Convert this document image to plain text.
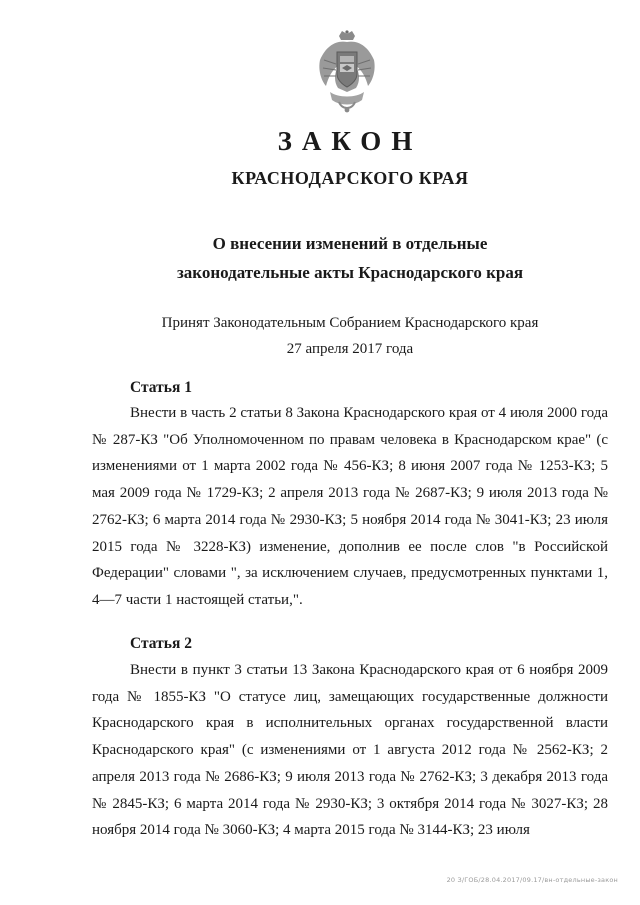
ЗАКОН
КРАСНОДАРСКОГО КРАЯ
О внесении изменений в отдельные законодательные акты Краснодарского края
Принят Законодательным Собранием Краснодарского края
27 апреля 2017 года
Статья 1

Внести в часть 2 статьи 8 Закона Краснодарского края от 4 июля 2000 года № 287-КЗ "Об Уполномоченном по правам человека в Краснодарском крае" (с изменениями от 1 марта 2002 года № 456-КЗ; 8 июня 2007 года № 1253-КЗ; 5 мая 2009 года № 1729-КЗ; 2 апреля 2013 года № 2687-КЗ; 9 июля 2013 года № 2762-КЗ; 6 марта 2014 года № 2930-КЗ; 5 ноября 2014 года № 3041-КЗ; 23 июля 2015 года № 3228-КЗ) изменение, дополнив ее после слов "в Российской Федерации" словами ", за исключением случаев, предусмотренных пунктами 1, 4—7 части 1 настоящей статьи,".

Статья 2

Внести в пункт 3 статьи 13 Закона Краснодарского края от 6 ноября 2009 года № 1855-КЗ "О статусе лиц, замещающих государственные должности Краснодарского края в исполнительных органах государственной власти Краснодарского края" (с изменениями от 1 августа 2012 года № 2562-КЗ; 2 апреля 2013 года № 2686-КЗ; 9 июля 2013 года № 2762-КЗ; 3 декабря 2013 года № 2845-КЗ; 6 марта 2014 года № 2930-КЗ; 3 октября 2014 года № 3027-КЗ; 28 ноября 2014 года № 3060-КЗ; 4 марта 2015 года № 3144-КЗ; 23 июля

20 З/ГОБ/28.04.2017/09.17/вн-отдельные-закон
